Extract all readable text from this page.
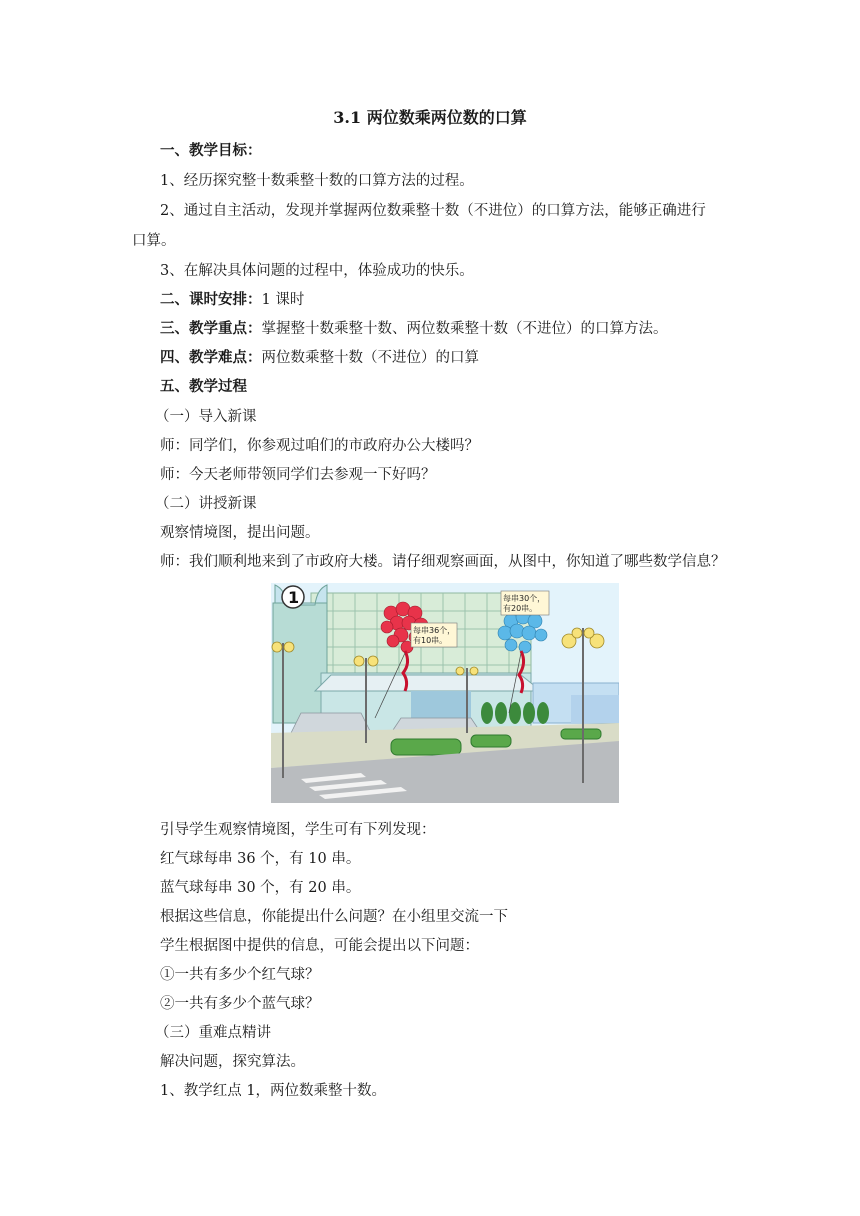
3.1 两位数乘两位数的口算
一、教学目标：
1、经历探究整十数乘整十数的口算方法的过程。
2、通过自主活动，发现并掌握两位数乘整十数（不进位）的口算方法，能够正确进行
口算。
3、在解决具体问题的过程中，体验成功的快乐。
二、课时安排：1 课时
三、教学重点：掌握整十数乘整十数、两位数乘整十数（不进位）的口算方法。
四、教学难点：两位数乘整十数（不进位）的口算
五、教学过程
（一）导入新课
师：同学们，你参观过咱们的市政府办公大楼吗？
师：今天老师带领同学们去参观一下好吗？
（二）讲授新课
观察情境图，提出问题。
师：我们顺利地来到了市政府大楼。请仔细观察画面，从图中，你知道了哪些数学信息？
1
每串36个，
有10串。
每串30个，
有20串。
引导学生观察情境图，学生可有下列发现：
红气球每串 36 个，有 10 串。
蓝气球每串 30 个，有 20 串。
根据这些信息，你能提出什么问题？在小组里交流一下
学生根据图中提供的信息，可能会提出以下问题：
①一共有多少个红气球？
②一共有多少个蓝气球？
（三）重难点精讲
解决问题，探究算法。
1、教学红点 1，两位数乘整十数。
